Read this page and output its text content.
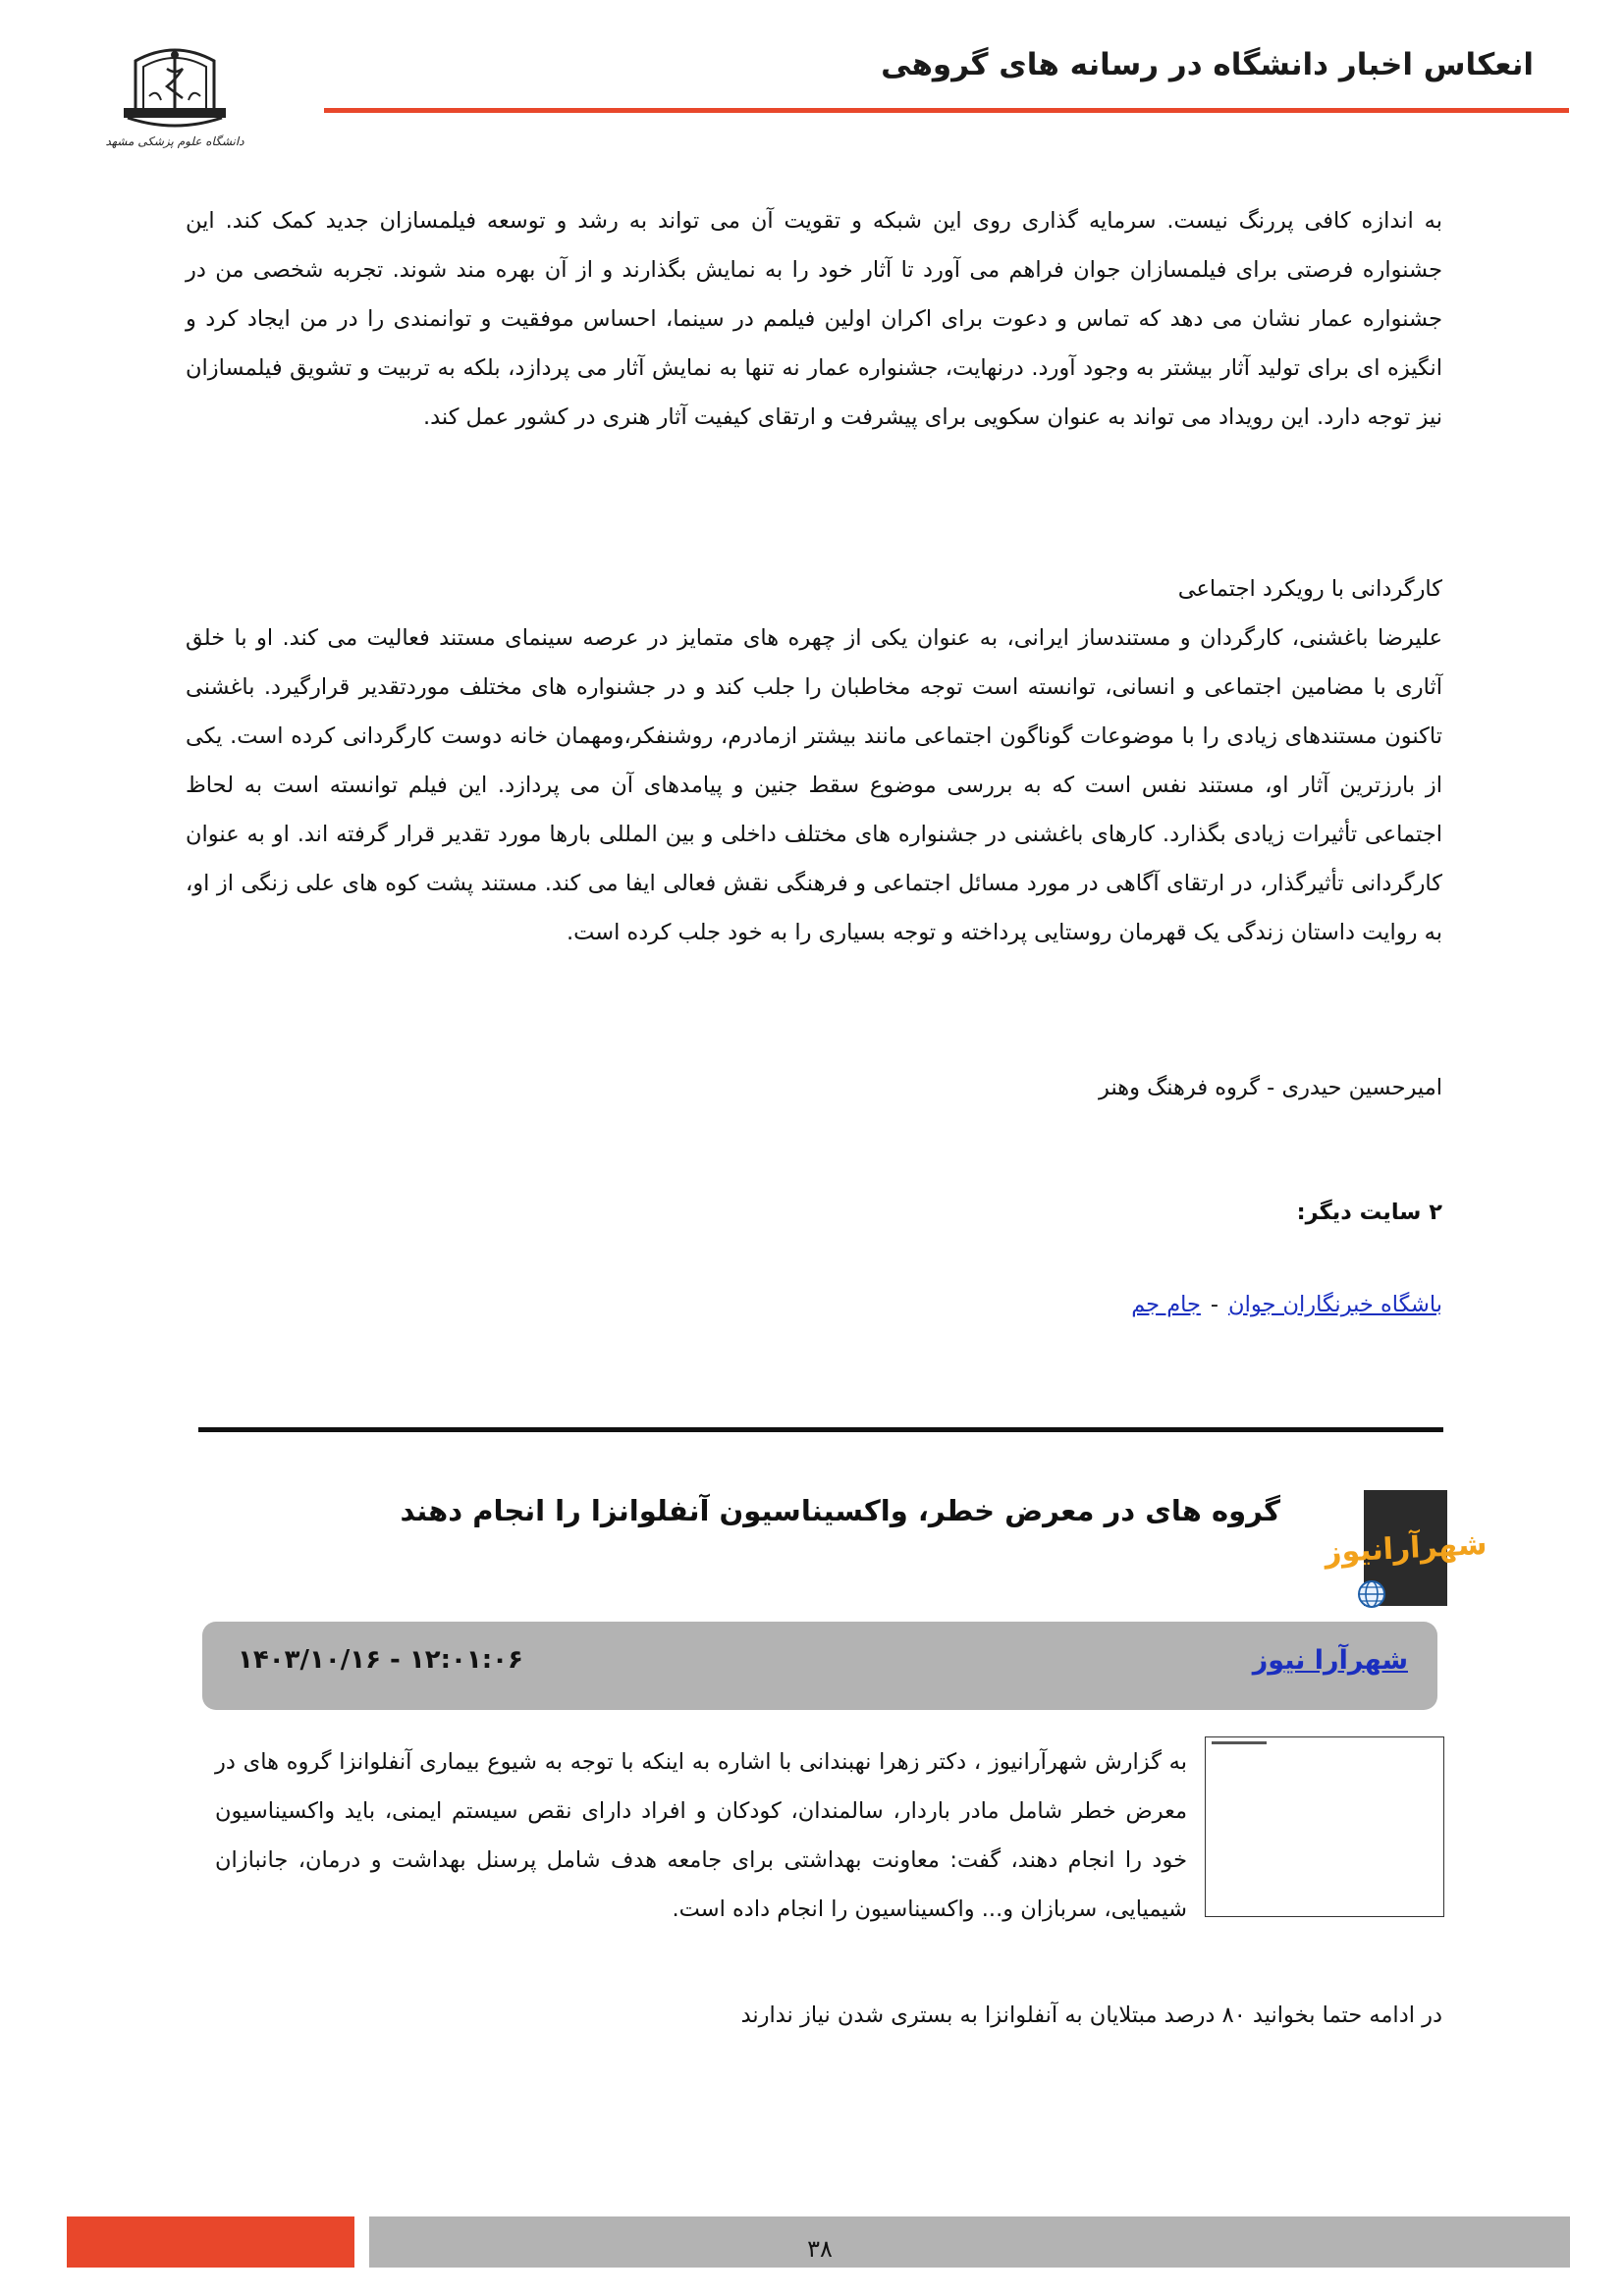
انعکاس اخبار دانشگاه در رسانه های گروهی
دانشگاه علوم پزشکی مشهد

به اندازه کافی پررنگ نیست. سرمایه گذاری روی این شبکه و تقویت آن می تواند به رشد و توسعه فیلمسازان جدید کمک کند. این جشنواره فرصتی برای فیلمسازان جوان فراهم می آورد تا آثار خود را به نمایش بگذارند و از آن بهره مند شوند. تجربه شخصی من در جشنواره عمار نشان می دهد که تماس و دعوت برای اکران اولین فیلمم در سینما، احساس موفقیت و توانمندی را در من ایجاد کرد و انگیزه ای برای تولید آثار بیشتر به وجود آورد. درنهایت، جشنواره عمار نه تنها به نمایش آثار می پردازد، بلکه به تربیت و تشویق فیلمسازان نیز توجه دارد. این رویداد می تواند به عنوان سکویی برای پیشرفت و ارتقای کیفیت آثار هنری در کشور عمل کند.

کارگردانی با رویکرد اجتماعی

علیرضا باغشنی، کارگردان و مستندساز ایرانی، به عنوان یکی از چهره های متمایز در عرصه سینمای مستند فعالیت می کند. او با خلق آثاری با مضامین اجتماعی و انسانی، توانسته است توجه مخاطبان را جلب کند و در جشنواره های مختلف موردتقدیر قرارگیرد. باغشنی تاکنون مستندهای زیادی را با موضوعات گوناگون اجتماعی مانند بیشتر ازمادرم، روشنفکر،ومهمان خانه دوست کارگردانی کرده است. یکی از بارزترین آثار او، مستند نفس است که به بررسی موضوع سقط جنین و پیامدهای آن می پردازد. این فیلم توانسته است به لحاظ اجتماعی تأثیرات زیادی بگذارد. کارهای باغشنی در جشنواره های مختلف داخلی و بین المللی بارها مورد تقدیر قرار گرفته اند. او به عنوان کارگردانی تأثیرگذار، در ارتقای آگاهی در مورد مسائل اجتماعی و فرهنگی نقش فعالی ایفا می کند. مستند پشت کوه های علی زنگی از او، به روایت داستان زندگی یک قهرمان روستایی پرداخته و توجه بسیاری را به خود جلب کرده است.

امیرحسین حیدری - گروه فرهنگ وهنر
۲ سایت دیگر:
باشگاه خبرنگاران جوان-جام جم
شهرآرانیوز
گروه های در معرض خطر، واکسیناسیون آنفلوانزا را انجام دهند
شهرآرا نیوز
۱۴۰۳/۱۰/۱۶ - ۱۲:۰۱:۰۶
به گزارش شهرآرانیوز ، دکتر زهرا نهبندانی با اشاره به اینکه با توجه به شیوع بیماری آنفلوانزا گروه های در معرض خطر شامل مادر باردار، سالمندان، کودکان و افراد دارای نقص سیستم ایمنی، باید واکسیناسیون خود را انجام دهند، گفت: معاونت بهداشتی برای جامعه هدف شامل پرسنل بهداشت و درمان، جانبازان شیمیایی، سربازان و... واکسیناسیون را انجام داده است.
در ادامه حتما بخوانید ۸۰ درصد مبتلایان به آنفلوانزا به بستری شدن نیاز ندارند
۳۸
